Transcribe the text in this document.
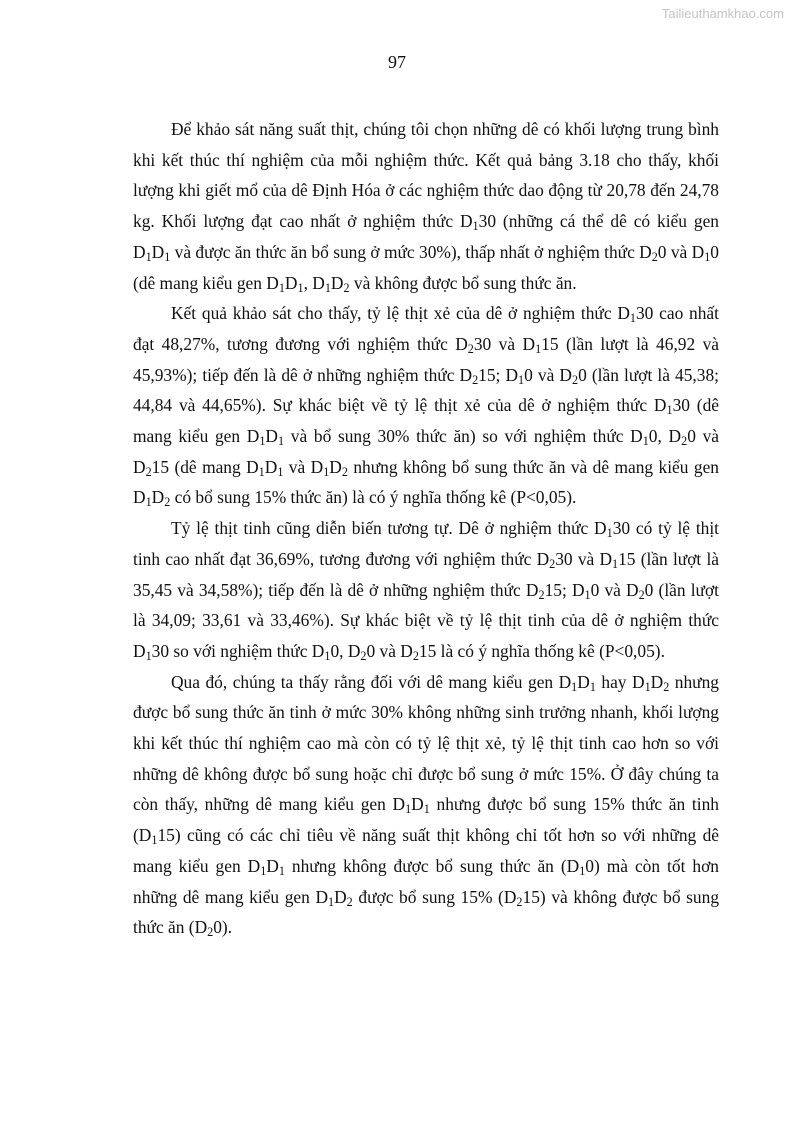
Tailieuthamkhao.com
97

Để khảo sát năng suất thịt, chúng tôi chọn những dê có khối lượng trung bình khi kết thúc thí nghiệm của mỗi nghiệm thức. Kết quả bảng 3.18 cho thấy, khối lượng khi giết mổ của dê Định Hóa ở các nghiệm thức dao động từ 20,78 đến 24,78 kg. Khối lượng đạt cao nhất ở nghiệm thức $D_130$ (những cá thể dê có kiểu gen $D_1D_1$ và được ăn thức ăn bổ sung ở mức 30%), thấp nhất ở nghiệm thức $D_20$ và $D_10$ (dê mang kiểu gen $D_1D_1$, $D_1D_2$ và không được bổ sung thức ăn.

Kết quả khảo sát cho thấy, tỷ lệ thịt xẻ của dê ở nghiệm thức $D_130$ cao nhất đạt 48,27%, tương đương với nghiệm thức $D_230$ và $D_115$ (lần lượt là 46,92 và 45,93%); tiếp đến là dê ở những nghiệm thức $D_215$; $D_10$ và $D_20$ (lần lượt là 45,38; 44,84 và 44,65%). Sự khác biệt về tỷ lệ thịt xẻ của dê ở nghiệm thức $D_130$ (dê mang kiểu gen $D_1D_1$ và bổ sung 30% thức ăn) so với nghiệm thức $D_10$, $D_20$ và $D_215$ (dê mang $D_1D_1$ và $D_1D_2$ nhưng không bổ sung thức ăn và dê mang kiểu gen $D_1D_2$ có bổ sung 15% thức ăn) là có ý nghĩa thống kê (P<0,05).

Tỷ lệ thịt tinh cũng diễn biến tương tự. Dê ở nghiệm thức $D_130$ có tỷ lệ thịt tinh cao nhất đạt 36,69%, tương đương với nghiệm thức $D_230$ và $D_115$ (lần lượt là 35,45 và 34,58%); tiếp đến là dê ở những nghiệm thức $D_215$; $D_10$ và $D_20$ (lần lượt là 34,09; 33,61 và 33,46%). Sự khác biệt về tỷ lệ thịt tinh của dê ở nghiệm thức $D_130$ so với nghiệm thức $D_10$, $D_20$ và $D_215$ là có ý nghĩa thống kê (P<0,05).

Qua đó, chúng ta thấy rằng đối với dê mang kiểu gen $D_1D_1$ hay $D_1D_2$ nhưng được bổ sung thức ăn tinh ở mức 30% không những sinh trưởng nhanh, khối lượng khi kết thúc thí nghiệm cao mà còn có tỷ lệ thịt xẻ, tỷ lệ thịt tinh cao hơn so với những dê không được bổ sung hoặc chỉ được bổ sung ở mức 15%. Ở đây chúng ta còn thấy, những dê mang kiểu gen $D_1D_1$ nhưng được bổ sung 15% thức ăn tinh $(D_115)$ cũng có các chỉ tiêu về năng suất thịt không chỉ tốt hơn so với những dê mang kiểu gen $D_1D_1$ nhưng không được bổ sung thức ăn $(D_10)$ mà còn tốt hơn những dê mang kiểu gen $D_1D_2$ được bổ sung 15% $(D_215)$ và không được bổ sung thức ăn $(D_20)$.
